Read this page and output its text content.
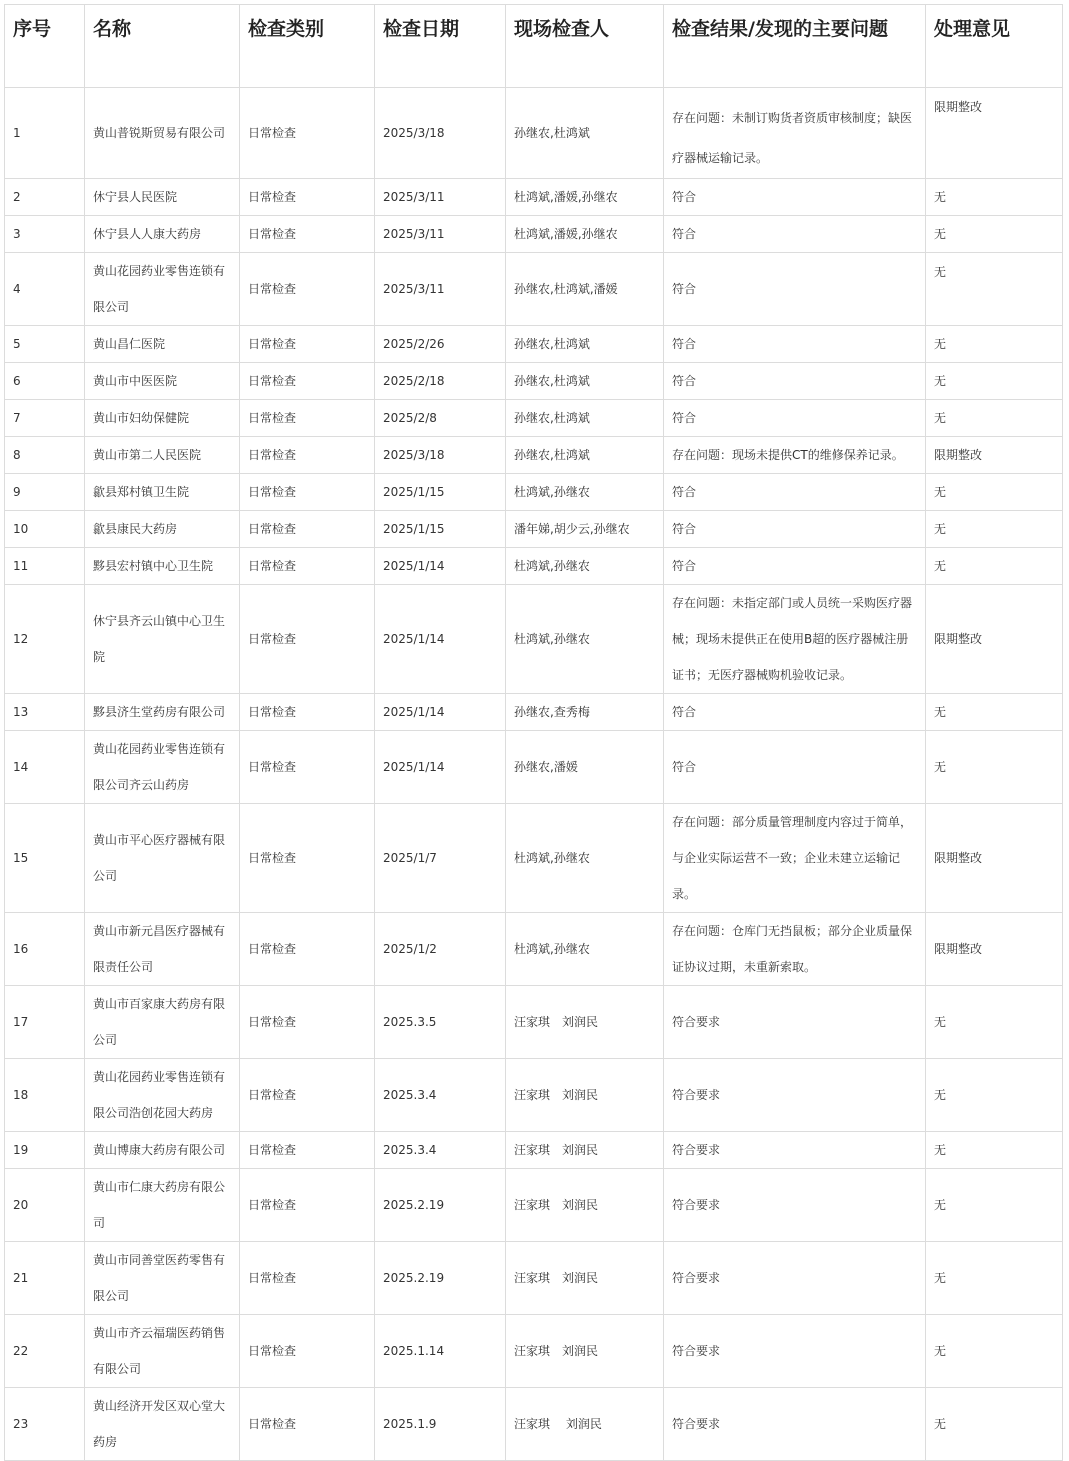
序号	名称	检查类别	检查日期	现场检查人	检查结果/发现的主要问题	处理意见
1	黄山普锐斯贸易有限公司	日常检查	2025/3/18	孙继农,杜鸿斌	存在问题：未制订购货者资质审核制度；缺医疗器械运输记录。	限期整改
2	休宁县人民医院	日常检查	2025/3/11	杜鸿斌,潘媛,孙继农	符合	无
3	休宁县人人康大药房	日常检查	2025/3/11	杜鸿斌,潘媛,孙继农	符合	无
4	黄山花园药业零售连锁有限公司	日常检查	2025/3/11	孙继农,杜鸿斌,潘媛	符合	无
5	黄山昌仁医院	日常检查	2025/2/26	孙继农,杜鸿斌	符合	无
6	黄山市中医医院	日常检查	2025/2/18	孙继农,杜鸿斌	符合	无
7	黄山市妇幼保健院	日常检查	2025/2/8	孙继农,杜鸿斌	符合	无
8	黄山市第二人民医院	日常检查	2025/3/18	孙继农,杜鸿斌	存在问题：现场未提供CT的维修保养记录。	限期整改
9	歙县郑村镇卫生院	日常检查	2025/1/15	杜鸿斌,孙继农	符合	无
10	歙县康民大药房	日常检查	2025/1/15	潘年娣,胡少云,孙继农	符合	无
11	黟县宏村镇中心卫生院	日常检查	2025/1/14	杜鸿斌,孙继农	符合	无
12	休宁县齐云山镇中心卫生院	日常检查	2025/1/14	杜鸿斌,孙继农	存在问题：未指定部门或人员统一采购医疗器械；现场未提供正在使用B超的医疗器械注册证书；无医疗器械购机验收记录。	限期整改
13	黟县济生堂药房有限公司	日常检查	2025/1/14	孙继农,查秀梅	符合	无
14	黄山花园药业零售连锁有限公司齐云山药房	日常检查	2025/1/14	孙继农,潘媛	符合	无
15	黄山市平心医疗器械有限公司	日常检查	2025/1/7	杜鸿斌,孙继农	存在问题：部分质量管理制度内容过于简单，与企业实际运营不一致；企业未建立运输记录。	限期整改
16	黄山市新元昌医疗器械有限责任公司	日常检查	2025/1/2	杜鸿斌,孙继农	存在问题：仓库门无挡鼠板；部分企业质量保证协议过期，未重新索取。	限期整改
17	黄山市百家康大药房有限公司	日常检查	2025.3.5	汪家琪　刘润民	符合要求	无
18	黄山花园药业零售连锁有限公司浩创花园大药房	日常检查	2025.3.4	汪家琪　刘润民	符合要求	无
19	黄山博康大药房有限公司	日常检查	2025.3.4	汪家琪　刘润民	符合要求	无
20	黄山市仁康大药房有限公司	日常检查	2025.2.19	汪家琪　刘润民	符合要求	无
21	黄山市同善堂医药零售有限公司	日常检查	2025.2.19	汪家琪　刘润民	符合要求	无
22	黄山市齐云福瑞医药销售有限公司	日常检查	2025.1.14	汪家琪　刘润民	符合要求	无
23	黄山经济开发区双心堂大药房	日常检查	2025.1.9	汪家琪　 刘润民	符合要求	无
